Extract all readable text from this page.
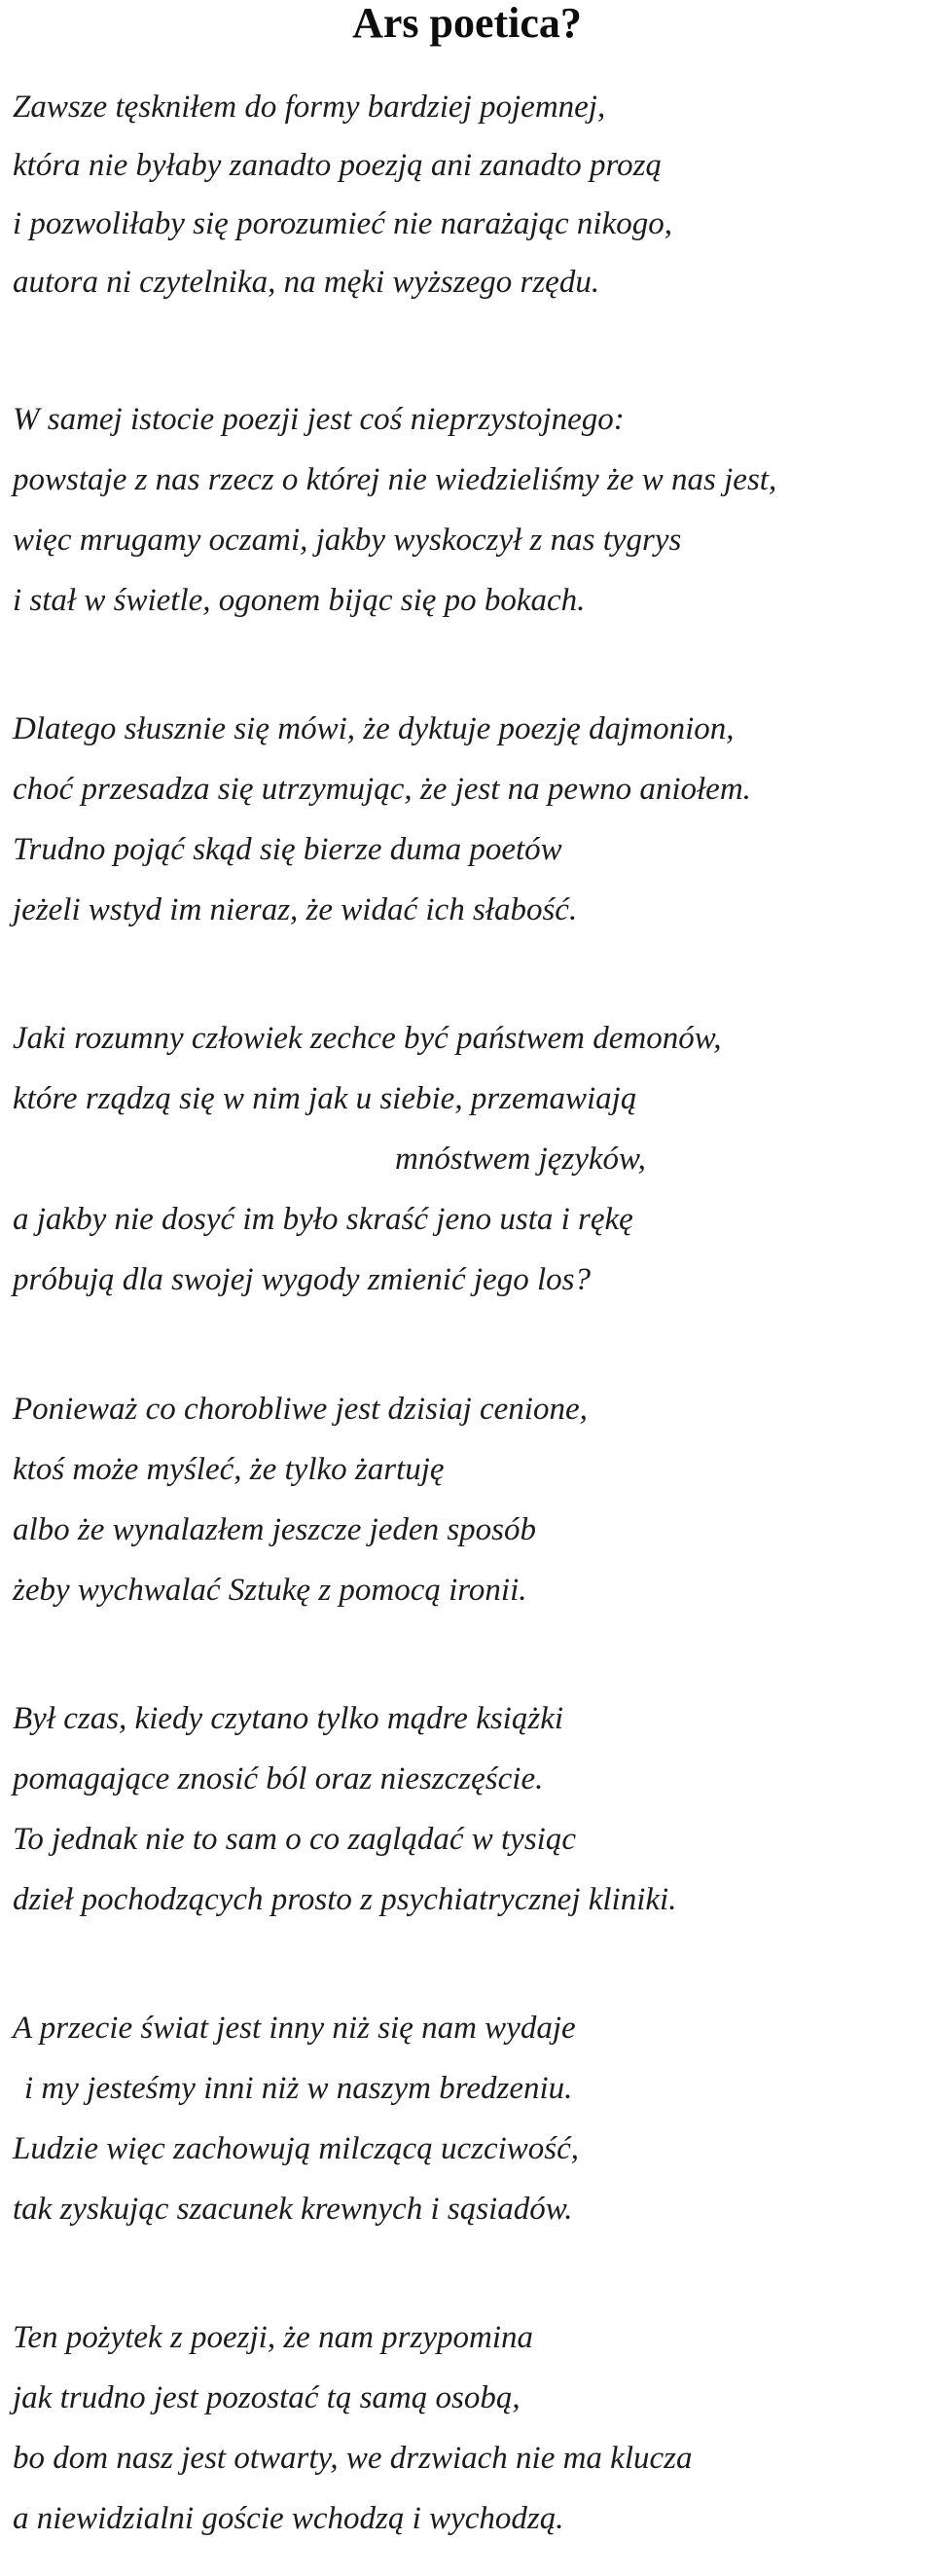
Ars poetica?
Zawsze tęskniłem do formy bardziej pojemnej,
która nie byłaby zanadto poezją ani zanadto prozą
i pozwoliłaby się porozumieć nie narażając nikogo,
autora ni czytelnika, na męki wyższego rzędu.
W samej istocie poezji jest coś nieprzystojnego:
powstaje z nas rzecz o której nie wiedzieliśmy że w nas jest,
więc mrugamy oczami, jakby wyskoczył z nas tygrys
i stał w świetle, ogonem bijąc się po bokach.
Dlatego słusznie się mówi, że dyktuje poezję dajmonion,
choć przesadza się utrzymując, że jest na pewno aniołem.
Trudno pojąć skąd się bierze duma poetów
jeżeli wstyd im nieraz, że widać ich słabość.
Jaki rozumny człowiek zechce być państwem demonów,
które rządzą się w nim jak u siebie, przemawiają
mnóstwem języków,
a jakby nie dosyć im było skraść jeno usta i rękę
próbują dla swojej wygody zmienić jego los?
Ponieważ co chorobliwe jest dzisiaj cenione,
ktoś może myśleć, że tylko żartuję
albo że wynalazłem jeszcze jeden sposób
żeby wychwalać Sztukę z pomocą ironii.
Był czas, kiedy czytano tylko mądre książki
pomagające znosić ból oraz nieszczęście.
To jednak nie to sam o co zaglądać w tysiąc
dzieł pochodzących prosto z psychiatrycznej kliniki.
A przecie świat jest inny niż się nam wydaje
i my jesteśmy inni niż w naszym bredzeniu.
Ludzie więc zachowują milczącą uczciwość,
tak zyskując szacunek krewnych i sąsiadów.
Ten pożytek z poezji, że nam przypomina
jak trudno jest pozostać tą samą osobą,
bo dom nasz jest otwarty, we drzwiach nie ma klucza
a niewidzialni goście wchodzą i wychodzą.
